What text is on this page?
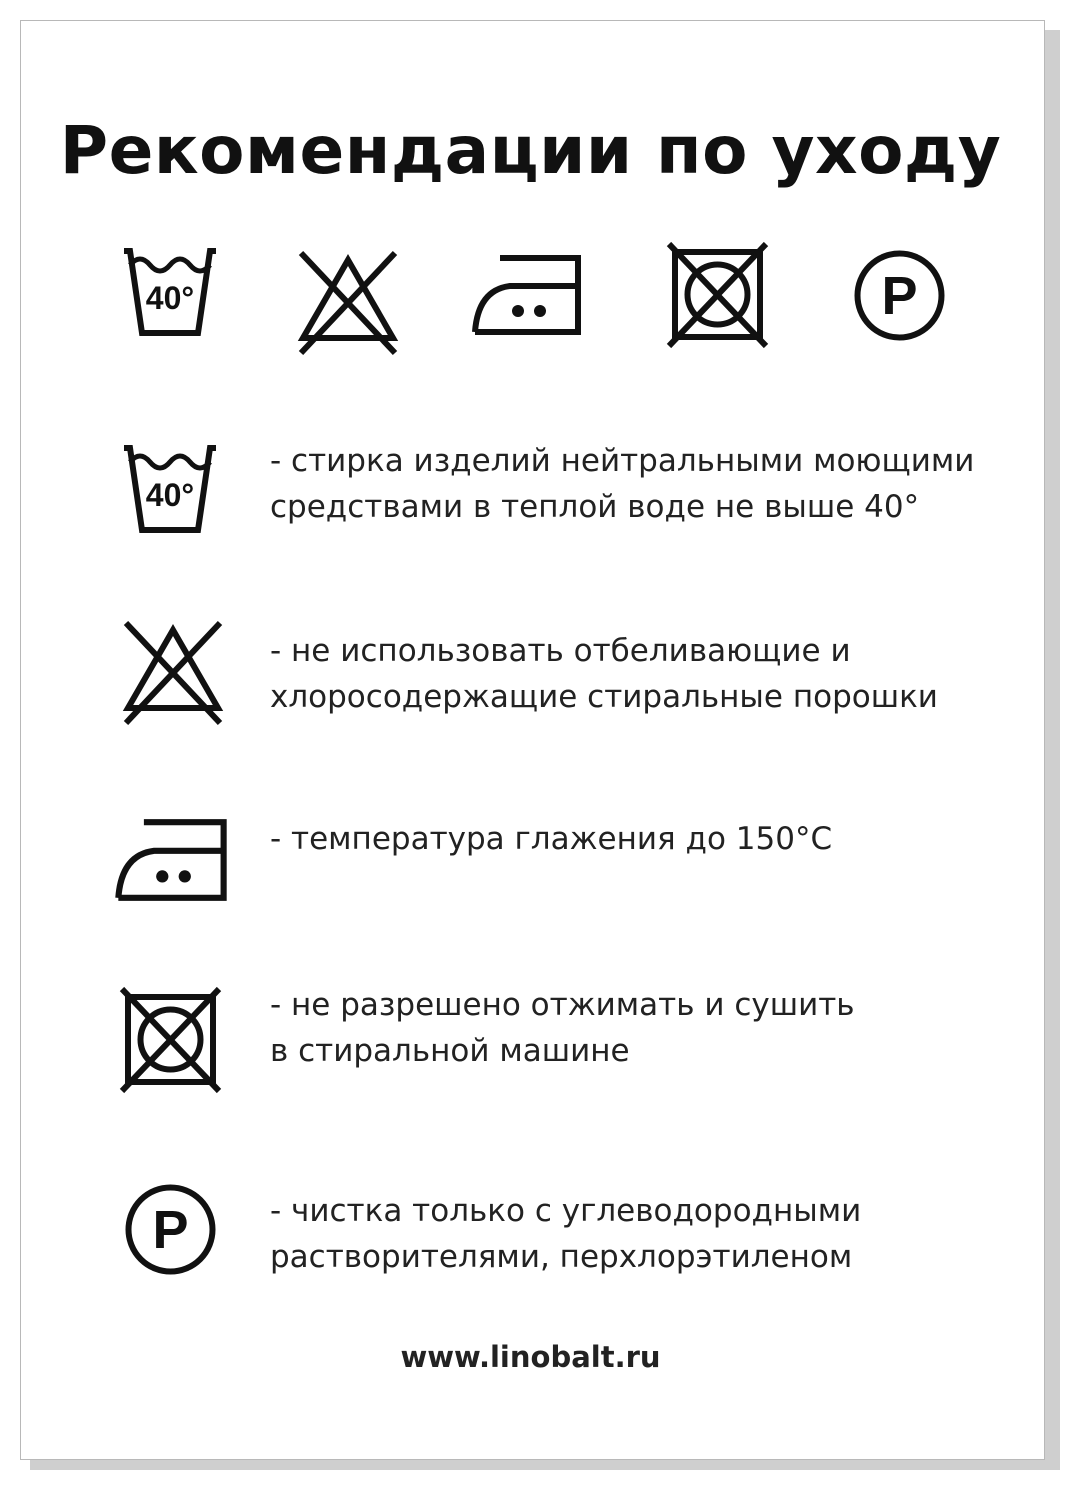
Рекомендации по уходу
40°	P
40°
- стирка изделий нейтральными моющими
средствами в теплой воде не выше 40°
- не использовать отбеливающие и
хлоросодержащие стиральные порошки
- температура глажения до 150°С
- не разрешено отжимать и сушить
в стиральной машине
P	- чистка только с углеводородными
растворителями, перхлорэтиленом
www.linobalt.ru
